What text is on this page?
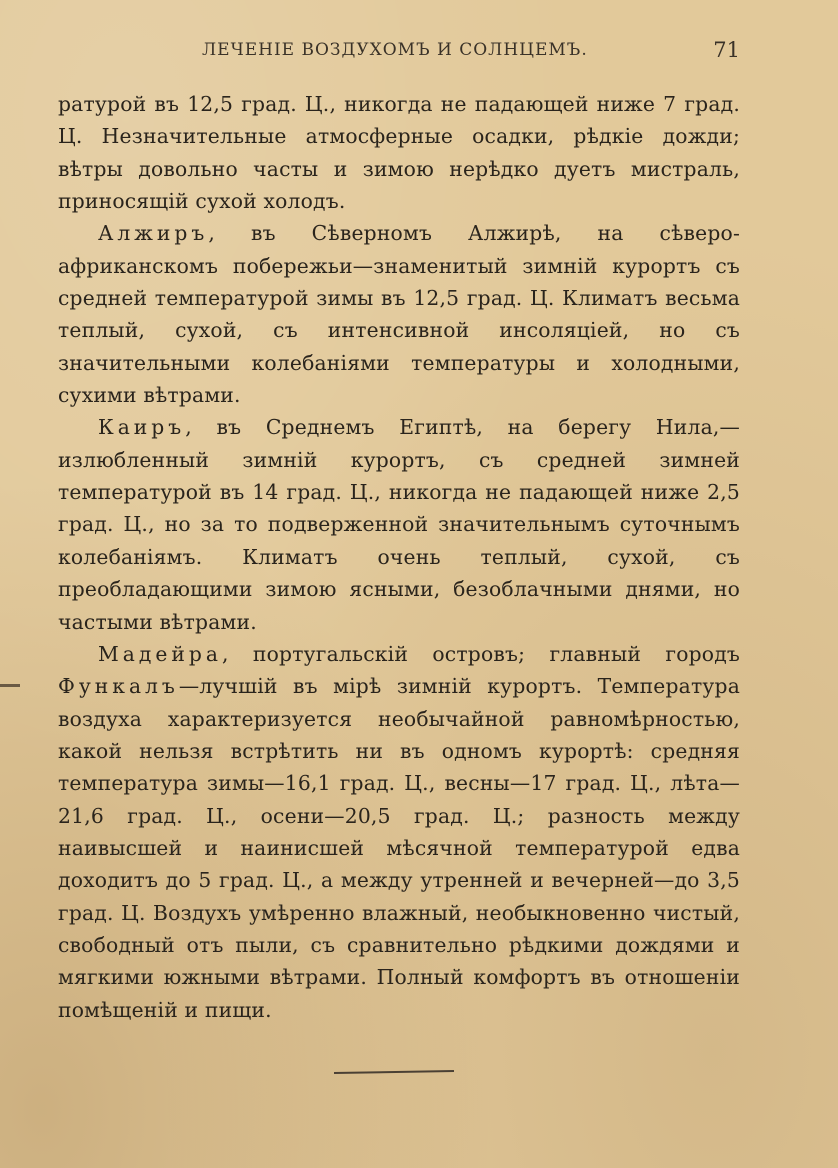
ЛЕЧЕНІЕ ВОЗДУХОМЪ И СОЛНЦЕМЪ.	71

ратурой въ 12,5 град. Ц., никогда не падающей ниже 7 град. Ц. Незначительные атмосферные осадки, рѣдкіе дожди; вѣтры довольно часты и зимою нерѣдко дуетъ мистраль, приносящій сухой холодъ.

Алжиръ, въ Сѣверномъ Алжирѣ, на сѣверо-африканскомъ побережьи—знаменитый зимній курортъ съ средней температурой зимы въ 12,5 град. Ц. Климатъ весьма теплый, сухой, съ интенсивной инсоляціей, но съ значительными колебаніями температуры и холодными, сухими вѣтрами.

Каиръ, въ Среднемъ Египтѣ, на берегу Нила,—излюбленный зимній курортъ, съ средней зимней температурой въ 14 град. Ц., никогда не падающей ниже 2,5 град. Ц., но за то подверженной значительнымъ суточнымъ колебаніямъ. Климатъ очень теплый, сухой, съ преобладающими зимою ясными, безоблачными днями, но частыми вѣтрами.

Мадейра, португальскій островъ; главный городъ Функалъ—лучшій въ мірѣ зимній курортъ. Температура воздуха характеризуется необычайной равномѣрностью, какой нельзя встрѣтить ни въ одномъ курортѣ: средняя температура зимы—16,1 град. Ц., весны—17 град. Ц., лѣта—21,6 град. Ц., осени—20,5 град. Ц.; разность между наивысшей и наинисшей мѣсячной температурой едва доходитъ до 5 град. Ц., а между утренней и вечерней—до 3,5 град. Ц. Воздухъ умѣренно влажный, необыкновенно чистый, свободный отъ пыли, съ сравнительно рѣдкими дождями и мягкими южными вѣтрами. Полный комфортъ въ отношеніи помѣщеній и пищи.
